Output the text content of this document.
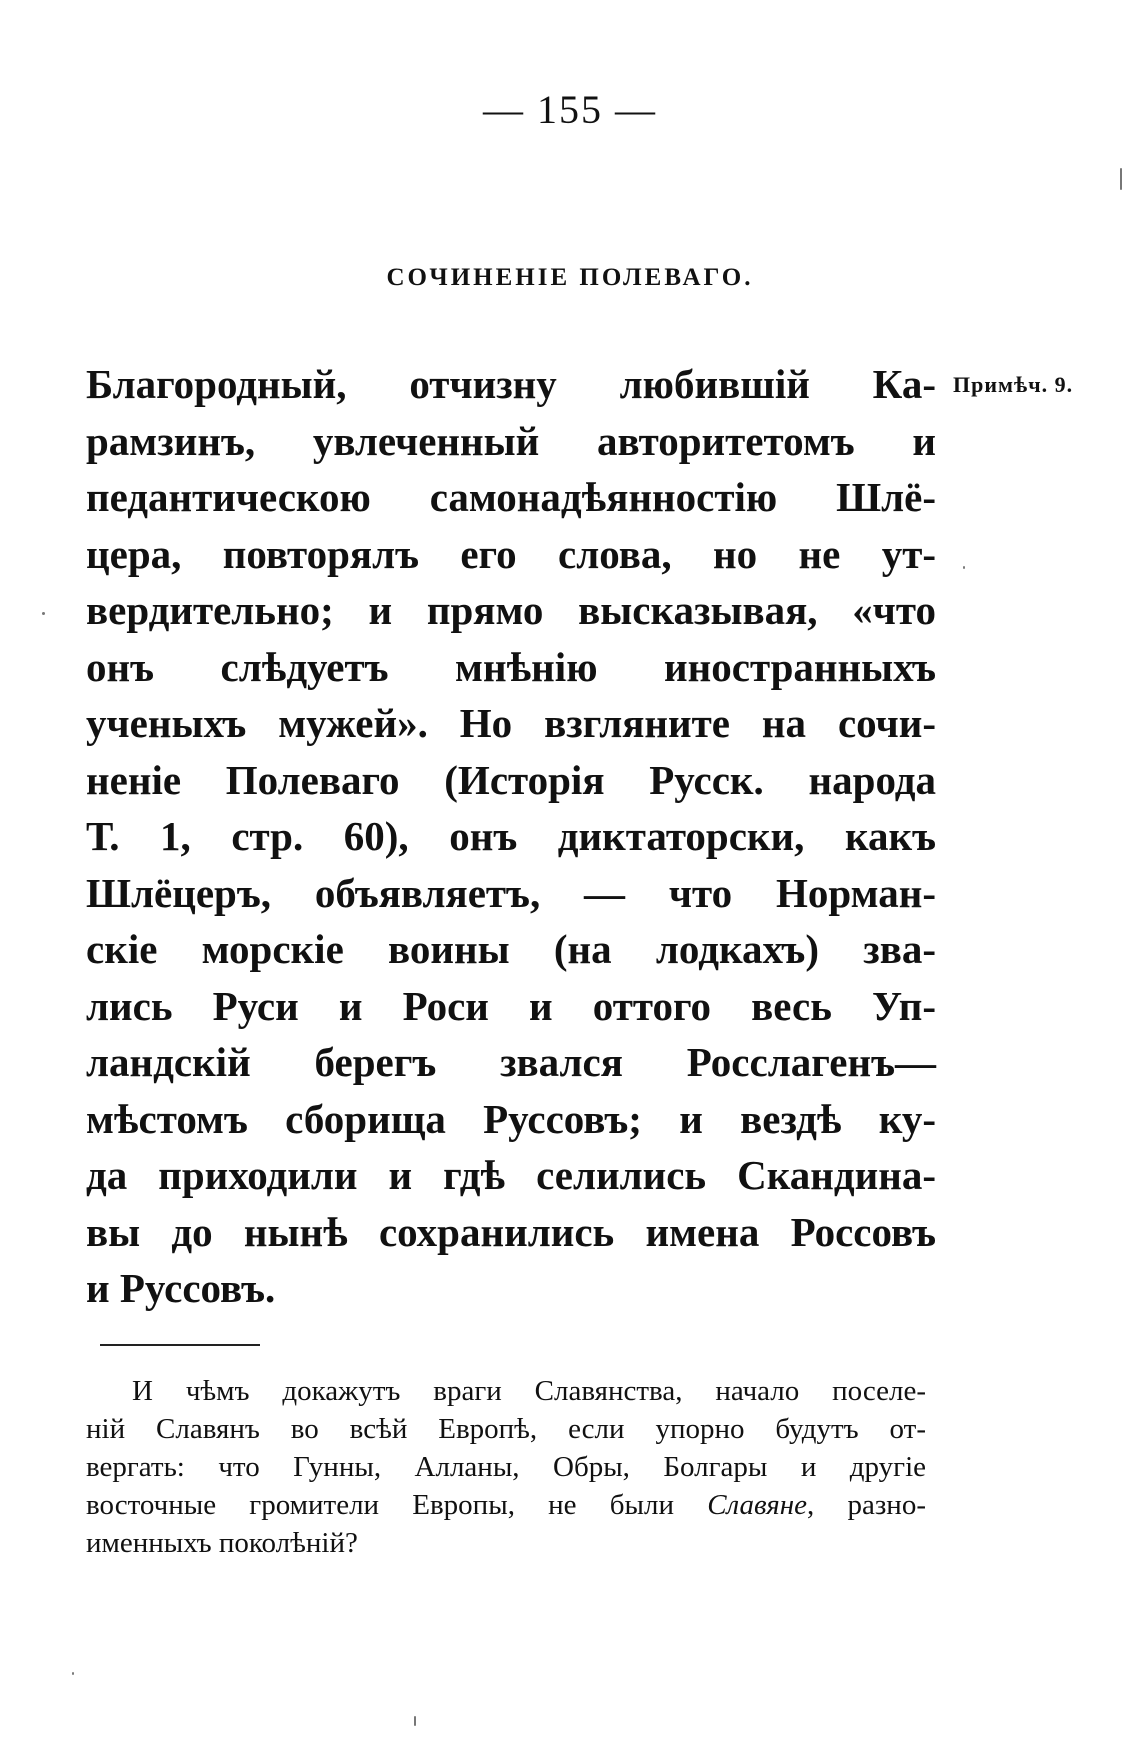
— 155 —
СОЧИНЕНІЕ ПОЛЕВАГО.
Примѣч. 9.
Благородный, отчизну любившій Ка-
рамзинъ, увлеченный авторитетомъ и
педантическою самонадѣянностію Шлё-
цера, повторялъ его слова, но не ут-
вердительно; и прямо высказывая, «что
онъ слѣдуетъ мнѣнію иностранныхъ
ученыхъ мужей». Но взгляните на сочи-
неніе Полеваго (Исторія Русск. народа
Т. 1, стр. 60), онъ диктаторски, какъ
Шлёцеръ, объявляетъ, — что Норман-
скіе морскіе воины (на лодкахъ) зва-
лись Руси и Роси и оттого весь Уп-
ландскій берегъ звался Росслагенъ—
мѣстомъ сборища Руссовъ; и вездѣ ку-
да приходили и гдѣ селились Скандина-
вы до нынѣ сохранились имена Россовъ
и Руссовъ.
И чѣмъ докажутъ враги Славянства, начало поселе-
ній Славянъ во всѣй Европѣ, если упорно будутъ от-
вергать: что Гунны, Алланы, Обры, Болгары и другіе
восточные громители Европы, не были Славяне, разно-
именныхъ поколѣній?
